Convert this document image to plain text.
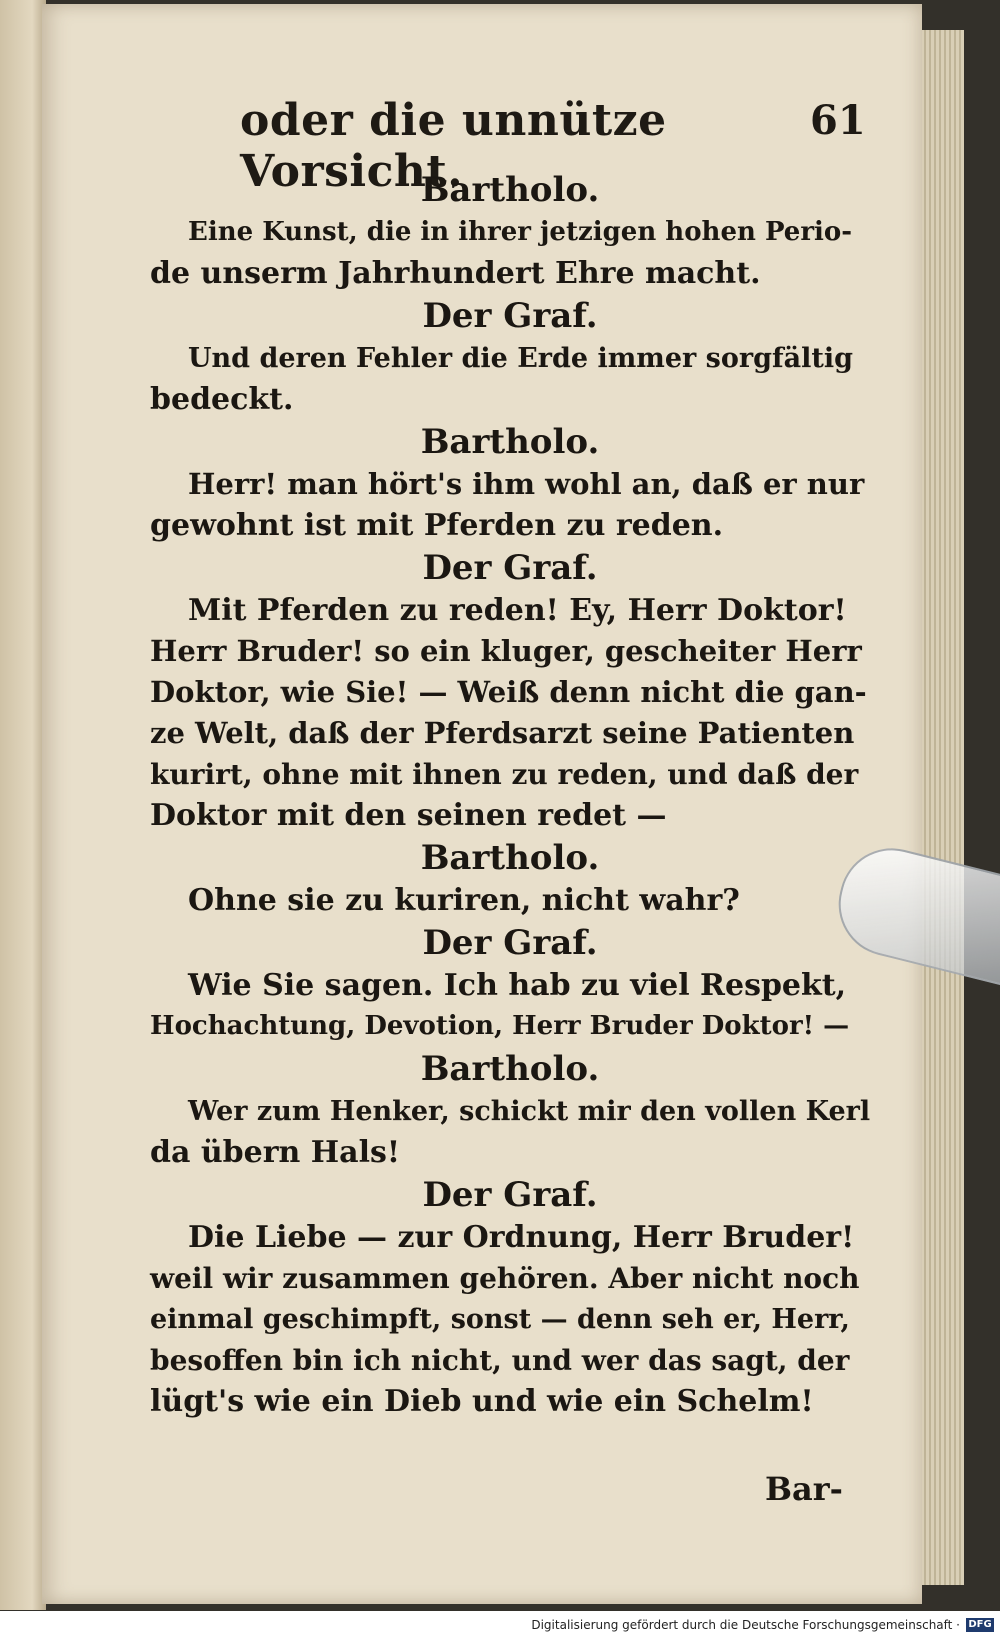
oder die unnütze Vorsicht.
61
Bartholo.
Eine Kunst, die in ihrer jetzigen hohen Perio-
de unserm Jahrhundert Ehre macht.
Der Graf.
Und deren Fehler die Erde immer sorgfältig
bedeckt.
Bartholo.
Herr! man hört's ihm wohl an, daß er nur
gewohnt ist mit Pferden zu reden.
Der Graf.
Mit Pferden zu reden! Ey, Herr Doktor!
Herr Bruder! so ein kluger, gescheiter Herr
Doktor, wie Sie! — Weiß denn nicht die gan-
ze Welt, daß der Pferdsarzt seine Patienten
kurirt, ohne mit ihnen zu reden, und daß der
Doktor mit den seinen redet —
Bartholo.
Ohne sie zu kuriren, nicht wahr?
Der Graf.
Wie Sie sagen. Ich hab zu viel Respekt,
Hochachtung, Devotion, Herr Bruder Doktor! —
Bartholo.
Wer zum Henker, schickt mir den vollen Kerl
da übern Hals!
Der Graf.
Die Liebe — zur Ordnung, Herr Bruder!
weil wir zusammen gehören. Aber nicht noch
einmal geschimpft, sonst — denn seh er, Herr,
besoffen bin ich nicht, und wer das sagt, der
lügt's wie ein Dieb und wie ein Schelm!
Bar-
Digitalisierung gefördert durch die Deutsche Forschungsgemeinschaft · DFG
